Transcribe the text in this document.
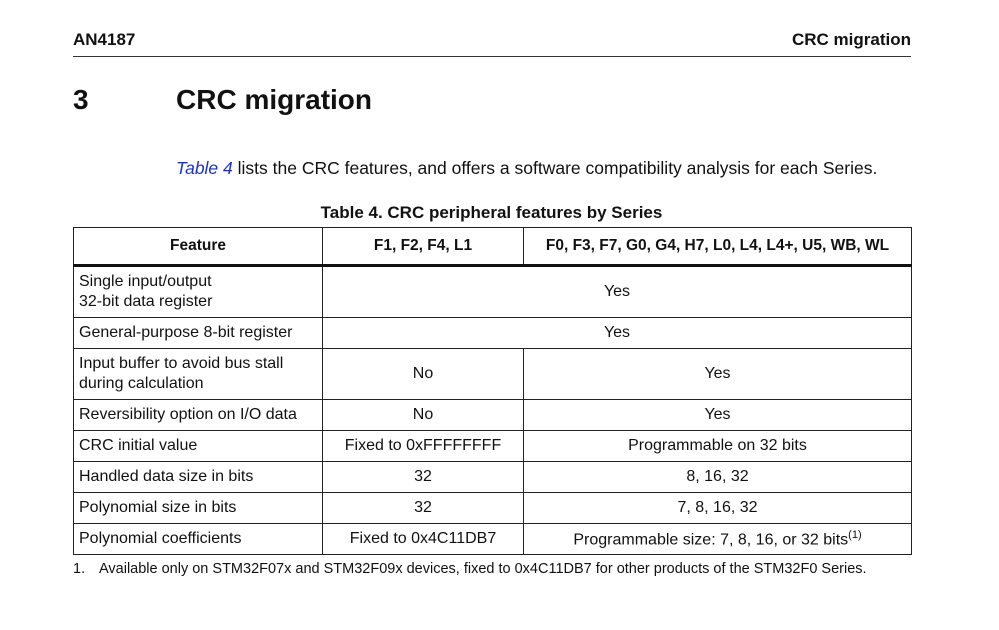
AN4187	CRC migration
3	CRC migration
Table 4 lists the CRC features, and offers a software compatibility analysis for each Series.
Table 4. CRC peripheral features by Series
Feature	F1, F2, F4, L1	F0, F3, F7, G0, G4, H7, L0, L4, L4+, U5, WB, WL
Single input/output
32-bit data register	Yes	
General-purpose 8-bit register	Yes	
Input buffer to avoid bus stall
during calculation	No	Yes
Reversibility option on I/O data	No	Yes
CRC initial value	Fixed to 0xFFFFFFFF	Programmable on 32 bits
Handled data size in bits	32	8, 16, 32
Polynomial size in bits	32	7, 8, 16, 32
Polynomial coefficients	Fixed to 0x4C11DB7	Programmable size: 7, 8, 16, or 32 bits$^{(1)}$
1. Available only on STM32F07x and STM32F09x devices, fixed to 0x4C11DB7 for other products of the STM32F0 Series.
